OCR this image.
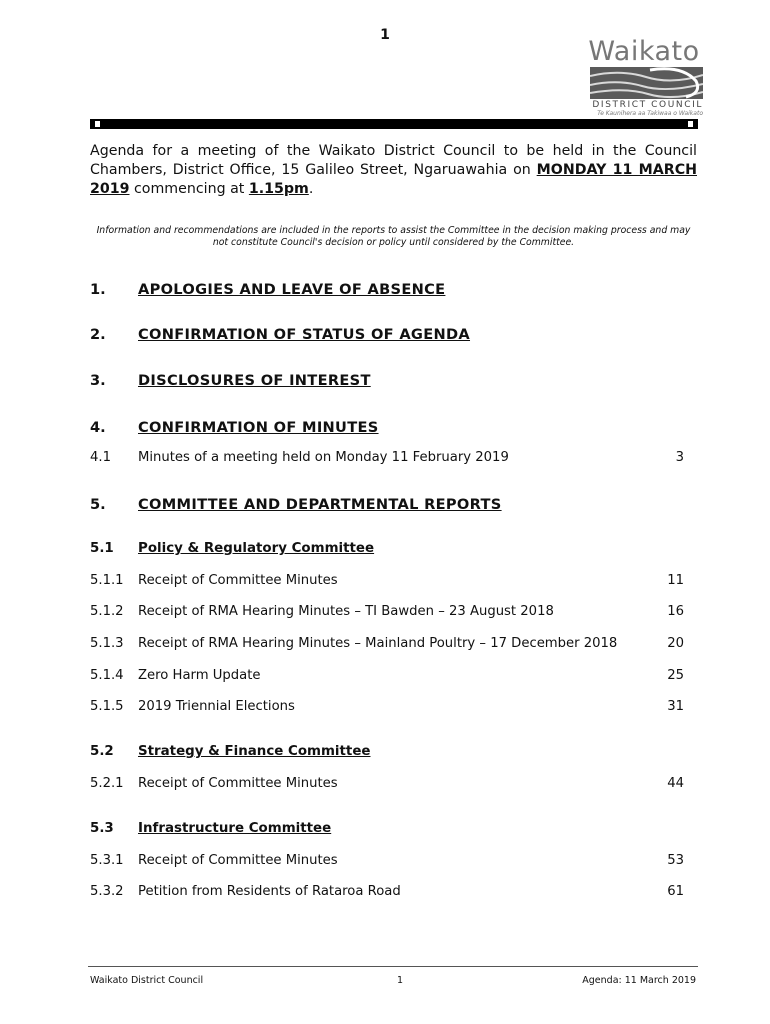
1
Waikato
DISTRICT COUNCIL
Te Kaunihera aa Takiwaa o Waikato
Agenda for a meeting of the Waikato District Council to be held in the Council Chambers, District Office, 15 Galileo Street, Ngaruawahia on MONDAY 11 MARCH 2019 commencing at 1.15pm.
Information and recommendations are included in the reports to assist the Committee in the decision making process and may not constitute Council's decision or policy until considered by the Committee.
1. APOLOGIES AND LEAVE OF ABSENCE
2. CONFIRMATION OF STATUS OF AGENDA
3. DISCLOSURES OF INTEREST
4. CONFIRMATION OF MINUTES
4.1 Minutes of a meeting held on Monday 11 February 2019	3
5. COMMITTEE AND DEPARTMENTAL REPORTS
5.1 Policy & Regulatory Committee
5.1.1 Receipt of Committee Minutes	11
5.1.2 Receipt of RMA Hearing Minutes – TI Bawden – 23 August 2018	16
5.1.3 Receipt of RMA Hearing Minutes – Mainland Poultry – 17 December 2018	20
5.1.4 Zero Harm Update	25
5.1.5 2019 Triennial Elections	31
5.2 Strategy & Finance Committee
5.2.1 Receipt of Committee Minutes	44
5.3 Infrastructure Committee
5.3.1 Receipt of Committee Minutes	53
5.3.2 Petition from Residents of Rataroa Road	61
Waikato District Council	1	Agenda: 11 March 2019
